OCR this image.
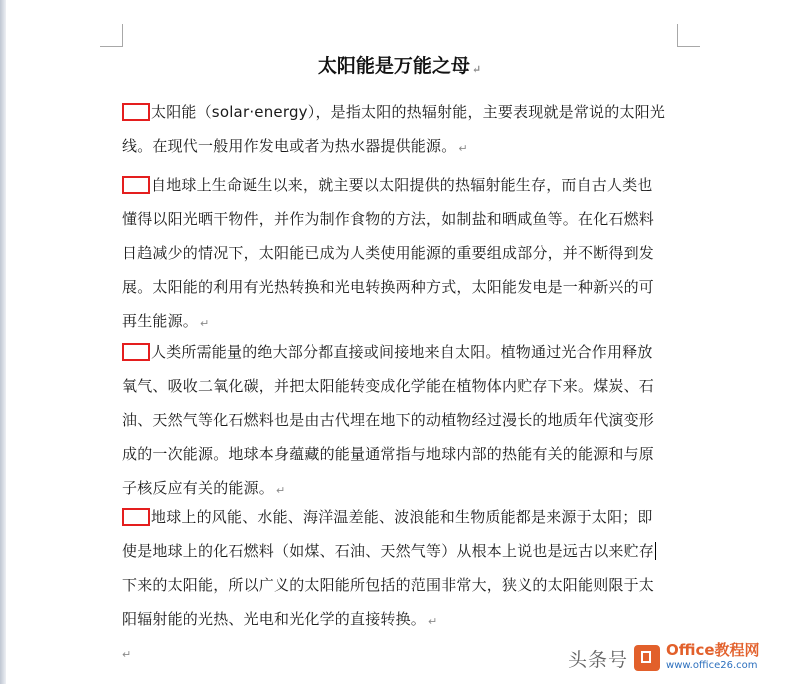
太阳能是万能之母 ↵
太阳能（solar·energy），是指太阳的热辐射能，主要表现就是常说的太阳光
线。在现代一般用作发电或者为热水器提供能源。 ↵
自地球上生命诞生以来，就主要以太阳提供的热辐射能生存，而自古人类也
懂得以阳光晒干物件，并作为制作食物的方法，如制盐和晒咸鱼等。在化石燃料
日趋减少的情况下，太阳能已成为人类使用能源的重要组成部分，并不断得到发
展。太阳能的利用有光热转换和光电转换两种方式，太阳能发电是一种新兴的可
再生能源。 ↵
人类所需能量的绝大部分都直接或间接地来自太阳。植物通过光合作用释放
氧气、吸收二氧化碳，并把太阳能转变成化学能在植物体内贮存下来。煤炭、石
油、天然气等化石燃料也是由古代埋在地下的动植物经过漫长的地质年代演变形
成的一次能源。地球本身蕴藏的能量通常指与地球内部的热能有关的能源和与原
子核反应有关的能源。 ↵
地球上的风能、水能、海洋温差能、波浪能和生物质能都是来源于太阳；即
使是地球上的化石燃料（如煤、石油、天然气等）从根本上说也是远古以来贮存
下来的太阳能，所以广义的太阳能所包括的范围非常大，狭义的太阳能则限于太
阳辐射能的光热、光电和光化学的直接转换。 ↵
↵	头条号	Office教程网
www.office26.com
